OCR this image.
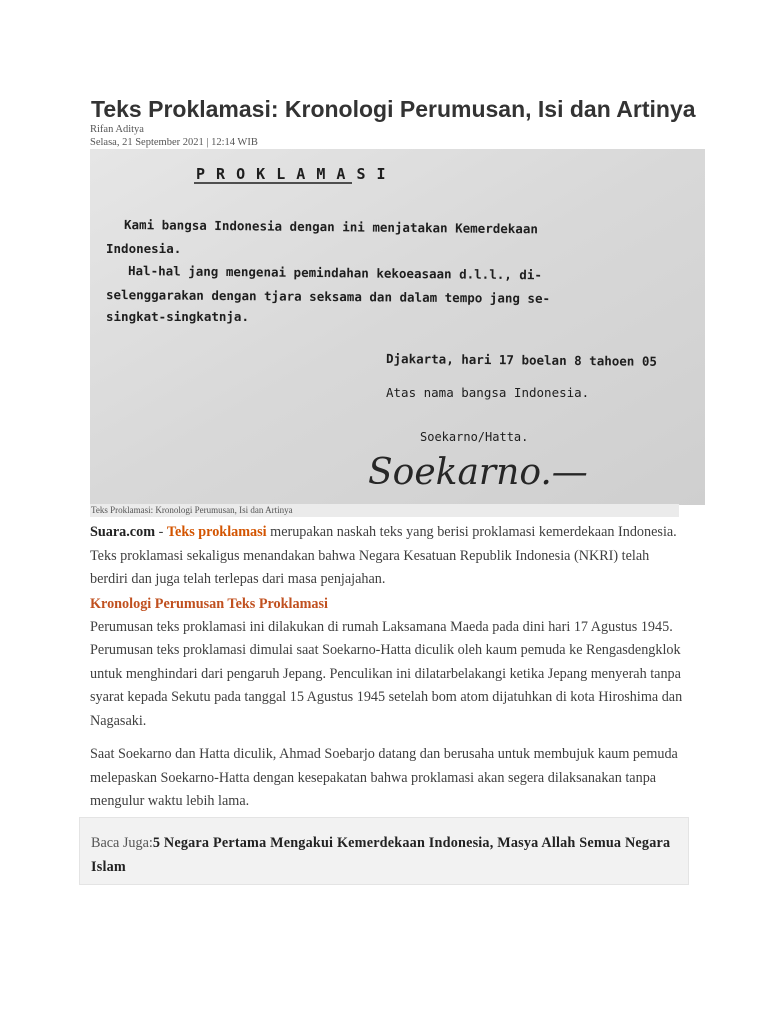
Teks Proklamasi: Kronologi Perumusan, Isi dan Artinya
Rifan Aditya
Selasa, 21 September 2021 | 12:14 WIB
P R O K L A M A S I
Kami bangsa Indonesia dengan ini menjatakan Kemerdekaan
Indonesia.
Hal-hal jang mengenai pemindahan kekoeasaan d.l.l., di-
selenggarakan dengan tjara seksama dan dalam tempo jang se-
singkat-singkatnja.
Djakarta, hari 17 boelan 8 tahoen 05
Atas nama bangsa Indonesia.
Soekarno/Hatta.
Soekarno.—
Teks Proklamasi: Kronologi Perumusan, Isi dan Artinya

Suara.com - Teks proklamasi merupakan naskah teks yang berisi proklamasi kemerdekaan Indonesia. Teks proklamasi sekaligus menandakan bahwa Negara Kesatuan Republik Indonesia (NKRI) telah berdiri dan juga telah terlepas dari masa penjajahan.

Kronologi Perumusan Teks Proklamasi

Perumusan teks proklamasi ini dilakukan di rumah Laksamana Maeda pada dini hari 17 Agustus 1945. Perumusan teks proklamasi dimulai saat Soekarno-Hatta diculik oleh kaum pemuda ke Rengasdengklok untuk menghindari dari pengaruh Jepang. Penculikan ini dilatarbelakangi ketika Jepang menyerah tanpa syarat kepada Sekutu pada tanggal 15 Agustus 1945 setelah bom atom dijatuhkan di kota Hiroshima dan Nagasaki.

Saat Soekarno dan Hatta diculik, Ahmad Soebarjo datang dan berusaha untuk membujuk kaum pemuda melepaskan Soekarno-Hatta dengan kesepakatan bahwa proklamasi akan segera dilaksanakan tanpa mengulur waktu lebih lama.

Baca Juga:5 Negara Pertama Mengakui Kemerdekaan Indonesia, Masya Allah Semua Negara Islam
